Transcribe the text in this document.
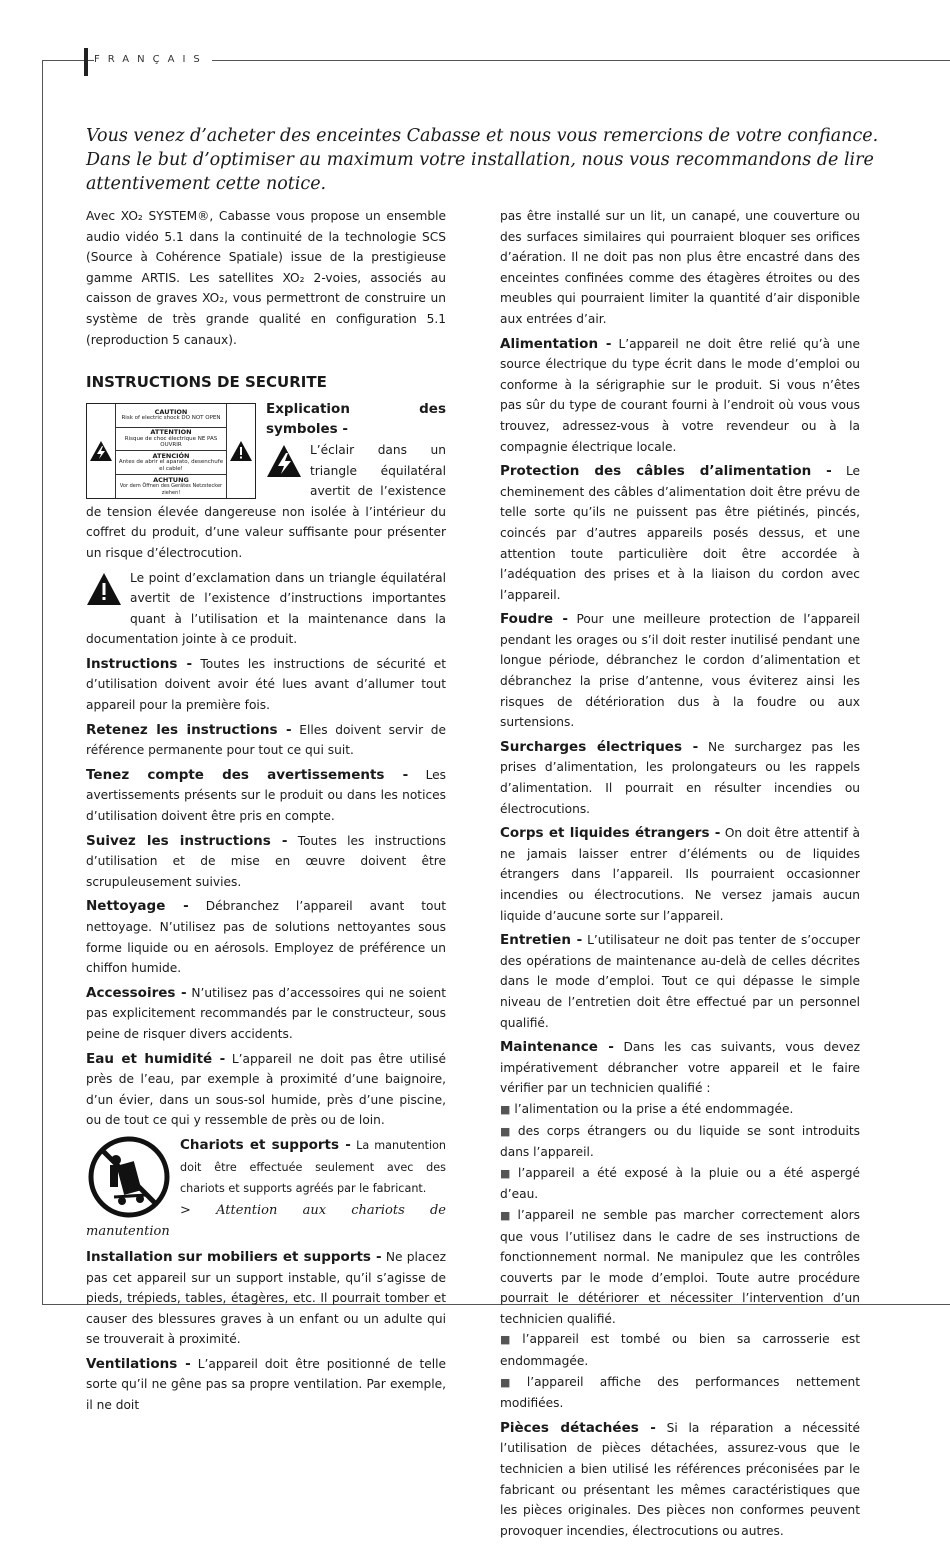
FRANÇAIS
Vous venez d’acheter des enceintes Cabasse et nous vous remercions de votre confiance. Dans le but d’optimiser au maximum votre installation, nous vous recommandons de lire attentivement cette notice.

Avec XO₂ SYSTEM®, Cabasse vous propose un ensemble audio vidéo 5.1 dans la continuité de la technologie SCS (Source à Cohérence Spatiale) issue de la prestigieuse gamme ARTIS. Les satellites XO₂ 2-voies, associés au caisson de graves XO₂, vous permettront de construire un système de très grande qualité en configuration 5.1 (reproduction 5 canaux).

INSTRUCTIONS DE SECURITE
CAUTION
Risk of electric shock DO NOT OPEN
ATTENTION
Risque de choc électrique NE PAS OUVRIR
ATENCIÓN
Antes de abrir el aparato, desenchufe el cable!
ACHTUNG
Vor dem Öffnen des Gerätes Netzstecker ziehen!

Explication des symboles -

L’éclair dans un triangle équilatéral avertit de l’existence de tension élevée dangereuse non isolée à l’intérieur du coffret du produit, d’une valeur suffisante pour présenter un risque d’électrocution.

Le point d’exclamation dans un triangle équilatéral avertit de l’existence d’instructions importantes quant à l’utilisation et la maintenance dans la documentation jointe à ce produit.

Instructions - Toutes les instructions de sécurité et d’utilisation doivent avoir été lues avant d’allumer tout appareil pour la première fois.

Retenez les instructions - Elles doivent servir de référence permanente pour tout ce qui suit.

Tenez compte des avertissements - Les avertissements présents sur le produit ou dans les notices d’utilisation doivent être pris en compte.

Suivez les instructions - Toutes les instructions d’utilisation et de mise en œuvre doivent être scrupuleusement suivies.

Nettoyage - Débranchez l’appareil avant tout nettoyage. N’utilisez pas de solutions nettoyantes sous forme liquide ou en aérosols. Employez de préférence un chiffon humide.

Accessoires - N’utilisez pas d’accessoires qui ne soient pas explicitement recommandés par le constructeur, sous peine de risquer divers accidents.

Eau et humidité - L’appareil ne doit pas être utilisé près de l’eau, par exemple à proximité d’une baignoire, d’un évier, dans un sous-sol humide, près d’une piscine, ou de tout ce qui y ressemble de près ou de loin.

Chariots et supports - La manutention doit être effectuée seulement avec des chariots et supports agréés par le fabricant.
> Attention aux chariots de manutention

Installation sur mobiliers et supports - Ne placez pas cet appareil sur un support instable, qu’il s’agisse de pieds, trépieds, tables, étagères, etc. Il pourrait tomber et causer des blessures graves à un enfant ou un adulte qui se trouverait à proximité.

Ventilations - L’appareil doit être positionné de telle sorte qu’il ne gêne pas sa propre ventilation. Par exemple, il ne doit

pas être installé sur un lit, un canapé, une couverture ou des surfaces similaires qui pourraient bloquer ses orifices d’aération. Il ne doit pas non plus être encastré dans des enceintes confinées comme des étagères étroites ou des meubles qui pourraient limiter la quantité d’air disponible aux entrées d’air.

Alimentation - L’appareil ne doit être relié qu’à une source électrique du type écrit dans le mode d’emploi ou conforme à la sérigraphie sur le produit. Si vous n’êtes pas sûr du type de courant fourni à l’endroit où vous vous trouvez, adressez-vous à votre revendeur ou à la compagnie électrique locale.

Protection des câbles d’alimentation - Le cheminement des câbles d’alimentation doit être prévu de telle sorte qu’ils ne puissent pas être piétinés, pincés, coincés par d’autres appareils posés dessus, et une attention toute particulière doit être accordée à l’adéquation des prises et à la liaison du cordon avec l’appareil.

Foudre - Pour une meilleure protection de l’appareil pendant les orages ou s’il doit rester inutilisé pendant une longue période, débranchez le cordon d’alimentation et débranchez la prise d’antenne, vous éviterez ainsi les risques de détérioration dus à la foudre ou aux surtensions.

Surcharges électriques - Ne surchargez pas les prises d’alimentation, les prolongateurs ou les rappels d’alimentation. Il pourrait en résulter incendies ou électrocutions.

Corps et liquides étrangers - On doit être attentif à ne jamais laisser entrer d’éléments ou de liquides étrangers dans l’appareil. Ils pourraient occasionner incendies ou électrocutions. Ne versez jamais aucun liquide d’aucune sorte sur l’appareil.

Entretien - L’utilisateur ne doit pas tenter de s’occuper des opérations de maintenance au-delà de celles décrites dans le mode d’emploi. Tout ce qui dépasse le simple niveau de l’entretien doit être effectué par un personnel qualifié.

Maintenance - Dans les cas suivants, vous devez impérativement débrancher votre appareil et le faire vérifier par un technicien qualifié :

■ l’alimentation ou la prise a été endommagée.

■ des corps étrangers ou du liquide se sont introduits dans l’appareil.

■ l’appareil a été exposé à la pluie ou a été aspergé d’eau.

■ l’appareil ne semble pas marcher correctement alors que vous l’utilisez dans le cadre de ses instructions de fonctionnement normal. Ne manipulez que les contrôles couverts par le mode d’emploi. Toute autre procédure pourrait le détériorer et nécessiter l’intervention d’un technicien qualifié.

■ l’appareil est tombé ou bien sa carrosserie est endommagée.

■ l’appareil affiche des performances nettement modifiées.

Pièces détachées - Si la réparation a nécessité l’utilisation de pièces détachées, assurez-vous que le technicien a bien utilisé les références préconisées par le fabricant ou présentant les mêmes caractéristiques que les pièces originales. Des pièces non conformes peuvent provoquer incendies, électrocutions ou autres.
